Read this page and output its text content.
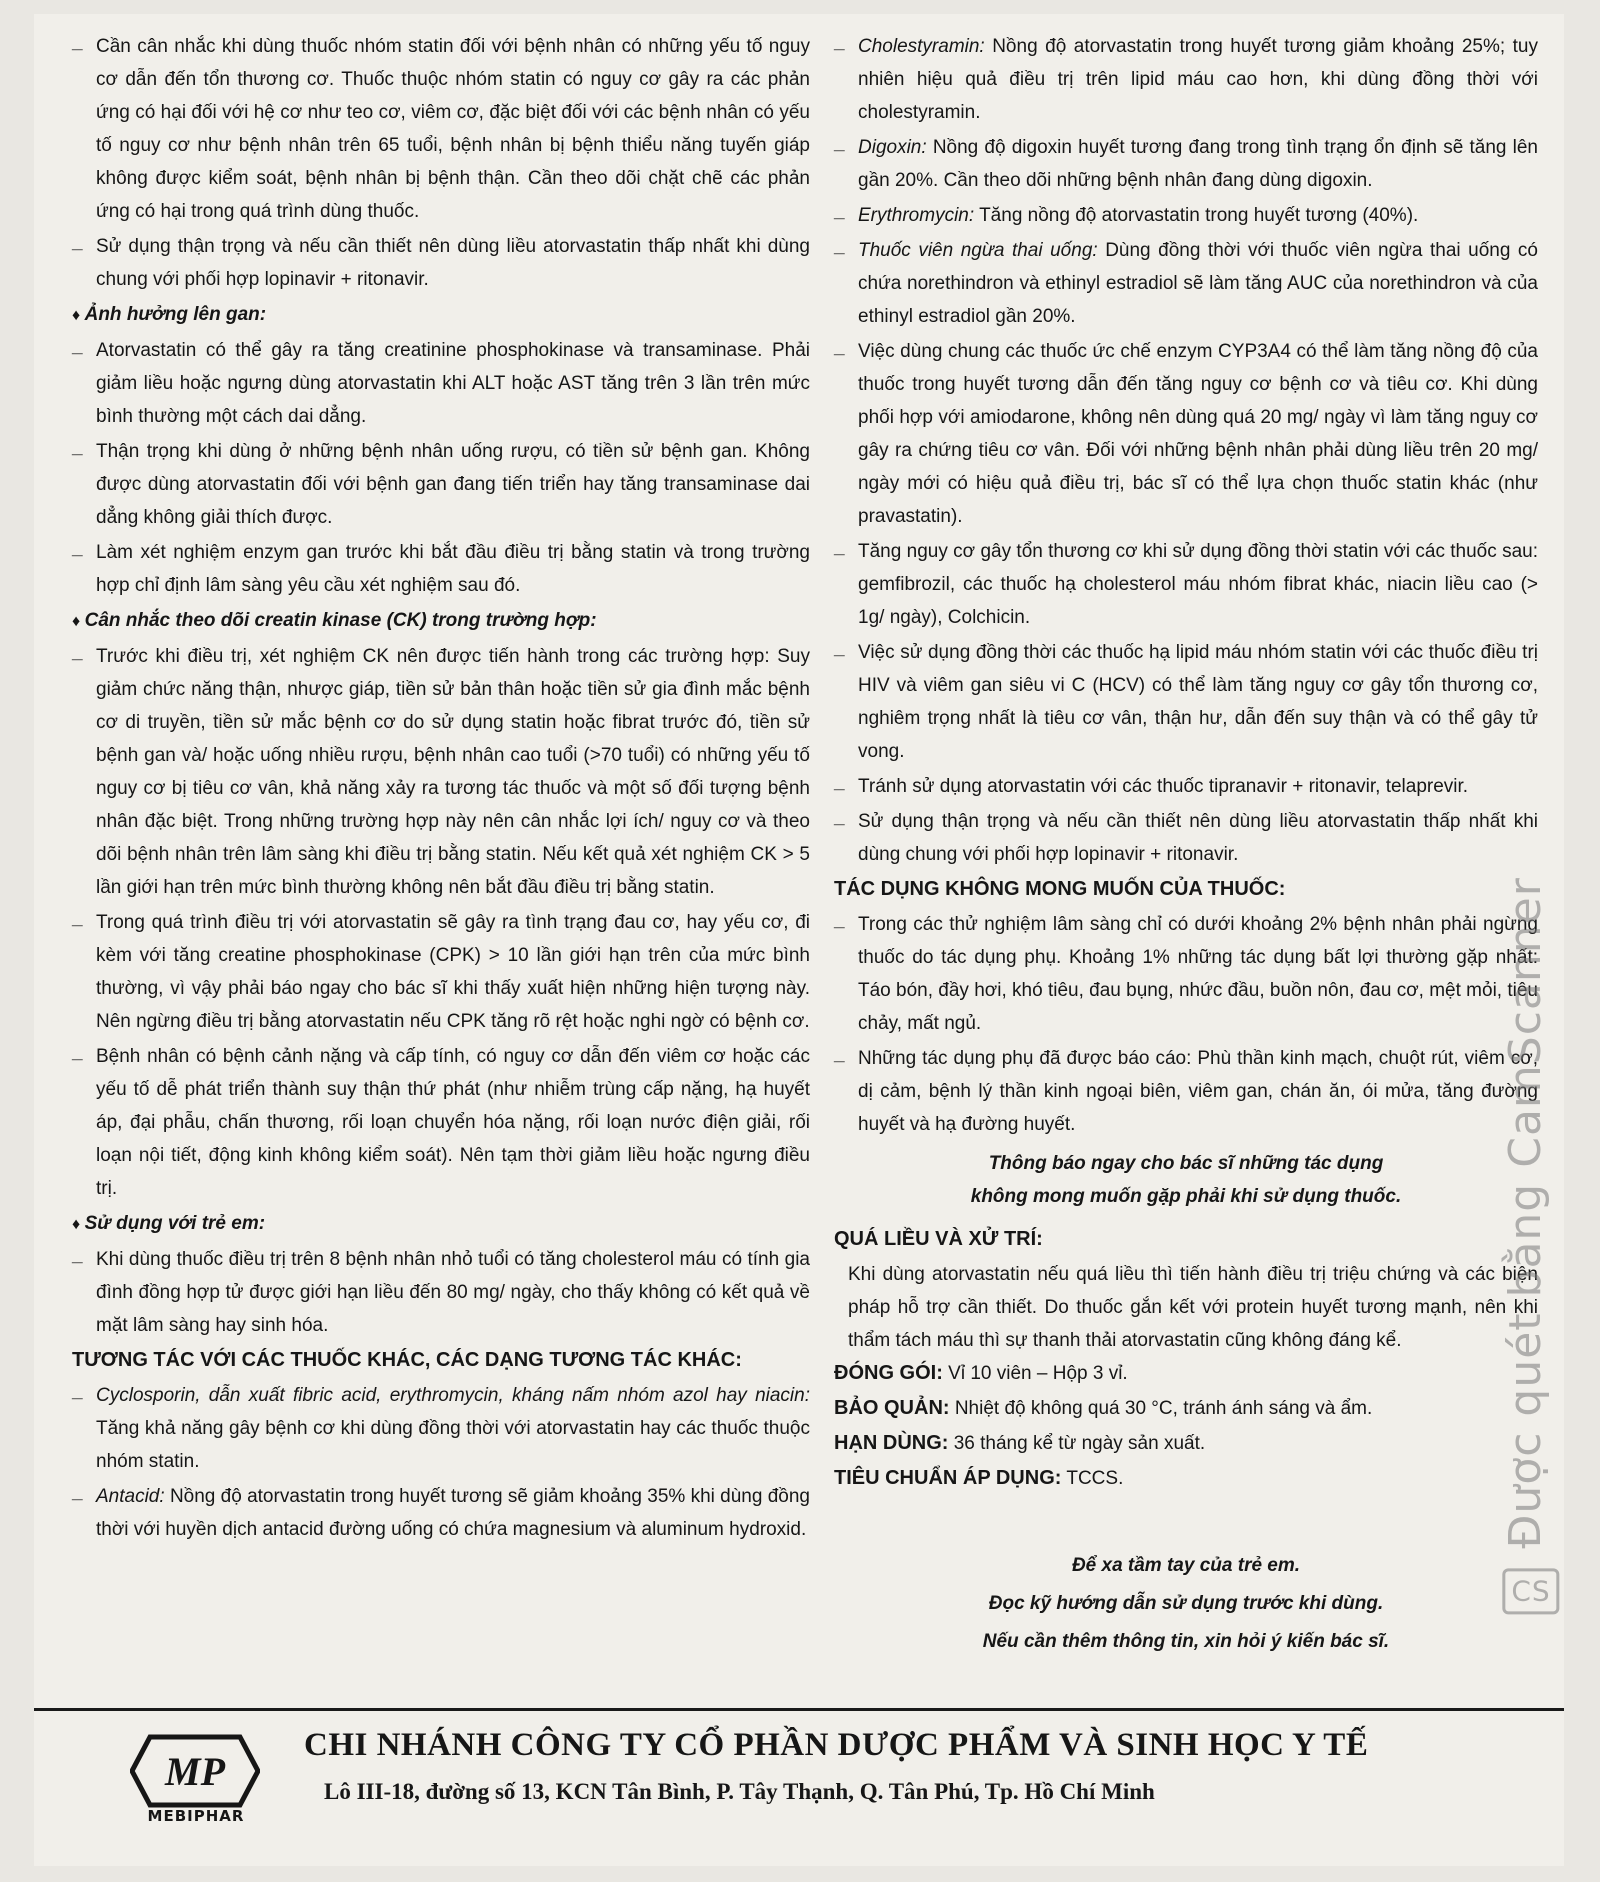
_ Cần cân nhắc khi dùng thuốc nhóm statin đối với bệnh nhân có những yếu tố nguy cơ dẫn đến tổn thương cơ. Thuốc thuộc nhóm statin có nguy cơ gây ra các phản ứng có hại đối với hệ cơ như teo cơ, viêm cơ, đặc biệt đối với các bệnh nhân có yếu tố nguy cơ như bệnh nhân trên 65 tuổi, bệnh nhân bị bệnh thiểu năng tuyến giáp không được kiểm soát, bệnh nhân bị bệnh thận. Cần theo dõi chặt chẽ các phản ứng có hại trong quá trình dùng thuốc.
_ Sử dụng thận trọng và nếu cần thiết nên dùng liều atorvastatin thấp nhất khi dùng chung với phối hợp lopinavir + ritonavir.
♦ Ảnh hưởng lên gan:
_ Atorvastatin có thể gây ra tăng creatinine phosphokinase và transaminase. Phải giảm liều hoặc ngưng dùng atorvastatin khi ALT hoặc AST tăng trên 3 lần trên mức bình thường một cách dai dẳng.
_ Thận trọng khi dùng ở những bệnh nhân uống rượu, có tiền sử bệnh gan. Không được dùng atorvastatin đối với bệnh gan đang tiến triển hay tăng transaminase dai dẳng không giải thích được.
_ Làm xét nghiệm enzym gan trước khi bắt đầu điều trị bằng statin và trong trường hợp chỉ định lâm sàng yêu cầu xét nghiệm sau đó.
♦ Cân nhắc theo dõi creatin kinase (CK) trong trường hợp:
_ Trước khi điều trị, xét nghiệm CK nên được tiến hành trong các trường hợp: Suy giảm chức năng thận, nhược giáp, tiền sử bản thân hoặc tiền sử gia đình mắc bệnh cơ di truyền, tiền sử mắc bệnh cơ do sử dụng statin hoặc fibrat trước đó, tiền sử bệnh gan và/ hoặc uống nhiều rượu, bệnh nhân cao tuổi (>70 tuổi) có những yếu tố nguy cơ bị tiêu cơ vân, khả năng xảy ra tương tác thuốc và một số đối tượng bệnh nhân đặc biệt. Trong những trường hợp này nên cân nhắc lợi ích/ nguy cơ và theo dõi bệnh nhân trên lâm sàng khi điều trị bằng statin. Nếu kết quả xét nghiệm CK > 5 lần giới hạn trên mức bình thường không nên bắt đầu điều trị bằng statin.
_ Trong quá trình điều trị với atorvastatin sẽ gây ra tình trạng đau cơ, hay yếu cơ, đi kèm với tăng creatine phosphokinase (CPK) > 10 lần giới hạn trên của mức bình thường, vì vậy phải báo ngay cho bác sĩ khi thấy xuất hiện những hiện tượng này. Nên ngừng điều trị bằng atorvastatin nếu CPK tăng rõ rệt hoặc nghi ngờ có bệnh cơ.
_ Bệnh nhân có bệnh cảnh nặng và cấp tính, có nguy cơ dẫn đến viêm cơ hoặc các yếu tố dễ phát triển thành suy thận thứ phát (như nhiễm trùng cấp nặng, hạ huyết áp, đại phẫu, chấn thương, rối loạn chuyển hóa nặng, rối loạn nước điện giải, rối loạn nội tiết, động kinh không kiểm soát). Nên tạm thời giảm liều hoặc ngưng điều trị.
♦ Sử dụng với trẻ em:
_ Khi dùng thuốc điều trị trên 8 bệnh nhân nhỏ tuổi có tăng cholesterol máu có tính gia đình đồng hợp tử được giới hạn liều đến 80 mg/ ngày, cho thấy không có kết quả về mặt lâm sàng hay sinh hóa.
TƯƠNG TÁC VỚI CÁC THUỐC KHÁC, CÁC DẠNG TƯƠNG TÁC KHÁC:
_ Cyclosporin, dẫn xuất fibric acid, erythromycin, kháng nấm nhóm azol hay niacin: Tăng khả năng gây bệnh cơ khi dùng đồng thời với atorvastatin hay các thuốc thuộc nhóm statin.
_ Antacid: Nồng độ atorvastatin trong huyết tương sẽ giảm khoảng 35% khi dùng đồng thời với huyền dịch antacid đường uống có chứa magnesium và aluminum hydroxid.
_ Cholestyramin: Nồng độ atorvastatin trong huyết tương giảm khoảng 25%; tuy nhiên hiệu quả điều trị trên lipid máu cao hơn, khi dùng đồng thời với cholestyramin.
_ Digoxin: Nồng độ digoxin huyết tương đang trong tình trạng ổn định sẽ tăng lên gần 20%. Cần theo dõi những bệnh nhân đang dùng digoxin.
_ Erythromycin: Tăng nồng độ atorvastatin trong huyết tương (40%).
_ Thuốc viên ngừa thai uống: Dùng đồng thời với thuốc viên ngừa thai uống có chứa norethindron và ethinyl estradiol sẽ làm tăng AUC của norethindron và của ethinyl estradiol gần 20%.
_ Việc dùng chung các thuốc ức chế enzym CYP3A4 có thể làm tăng nồng độ của thuốc trong huyết tương dẫn đến tăng nguy cơ bệnh cơ và tiêu cơ. Khi dùng phối hợp với amiodarone, không nên dùng quá 20 mg/ ngày vì làm tăng nguy cơ gây ra chứng tiêu cơ vân. Đối với những bệnh nhân phải dùng liều trên 20 mg/ ngày mới có hiệu quả điều trị, bác sĩ có thể lựa chọn thuốc statin khác (như pravastatin).
_ Tăng nguy cơ gây tổn thương cơ khi sử dụng đồng thời statin với các thuốc sau: gemfibrozil, các thuốc hạ cholesterol máu nhóm fibrat khác, niacin liều cao (> 1g/ ngày), Colchicin.
_ Việc sử dụng đồng thời các thuốc hạ lipid máu nhóm statin với các thuốc điều trị HIV và viêm gan siêu vi C (HCV) có thể làm tăng nguy cơ gây tổn thương cơ, nghiêm trọng nhất là tiêu cơ vân, thận hư, dẫn đến suy thận và có thể gây tử vong.
_ Tránh sử dụng atorvastatin với các thuốc tipranavir + ritonavir, telaprevir.
_ Sử dụng thận trọng và nếu cần thiết nên dùng liều atorvastatin thấp nhất khi dùng chung với phối hợp lopinavir + ritonavir.
TÁC DỤNG KHÔNG MONG MUỐN CỦA THUỐC:
_ Trong các thử nghiệm lâm sàng chỉ có dưới khoảng 2% bệnh nhân phải ngừng thuốc do tác dụng phụ. Khoảng 1% những tác dụng bất lợi thường gặp nhất: Táo bón, đầy hơi, khó tiêu, đau bụng, nhức đầu, buồn nôn, đau cơ, mệt mỏi, tiêu chảy, mất ngủ.
_ Những tác dụng phụ đã được báo cáo: Phù thần kinh mạch, chuột rút, viêm cơ, dị cảm, bệnh lý thần kinh ngoại biên, viêm gan, chán ăn, ói mửa, tăng đường huyết và hạ đường huyết.
Thông báo ngay cho bác sĩ những tác dụng
không mong muốn gặp phải khi sử dụng thuốc.
QUÁ LIỀU VÀ XỬ TRÍ:
Khi dùng atorvastatin nếu quá liều thì tiến hành điều trị triệu chứng và các biện pháp hỗ trợ cần thiết. Do thuốc gắn kết với protein huyết tương mạnh, nên khi thẩm tách máu thì sự thanh thải atorvastatin cũng không đáng kể.
ĐÓNG GÓI: Vỉ 10 viên – Hộp 3 vỉ.
BẢO QUẢN: Nhiệt độ không quá 30 °C, tránh ánh sáng và ẩm.
HẠN DÙNG: 36 tháng kể từ ngày sản xuất.
TIÊU CHUẨN ÁP DỤNG: TCCS.
Để xa tầm tay của trẻ em.
Đọc kỹ hướng dẫn sử dụng trước khi dùng.
Nếu cần thêm thông tin, xin hỏi ý kiến bác sĩ.
MP
MEBIPHAR
CHI NHÁNH CÔNG TY CỔ PHẦN DƯỢC PHẨM VÀ SINH HỌC Y TẾ
Lô III-18, đường số 13, KCN Tân Bình, P. Tây Thạnh, Q. Tân Phú, Tp. Hồ Chí Minh
CSĐược quét bằng CamScanner
